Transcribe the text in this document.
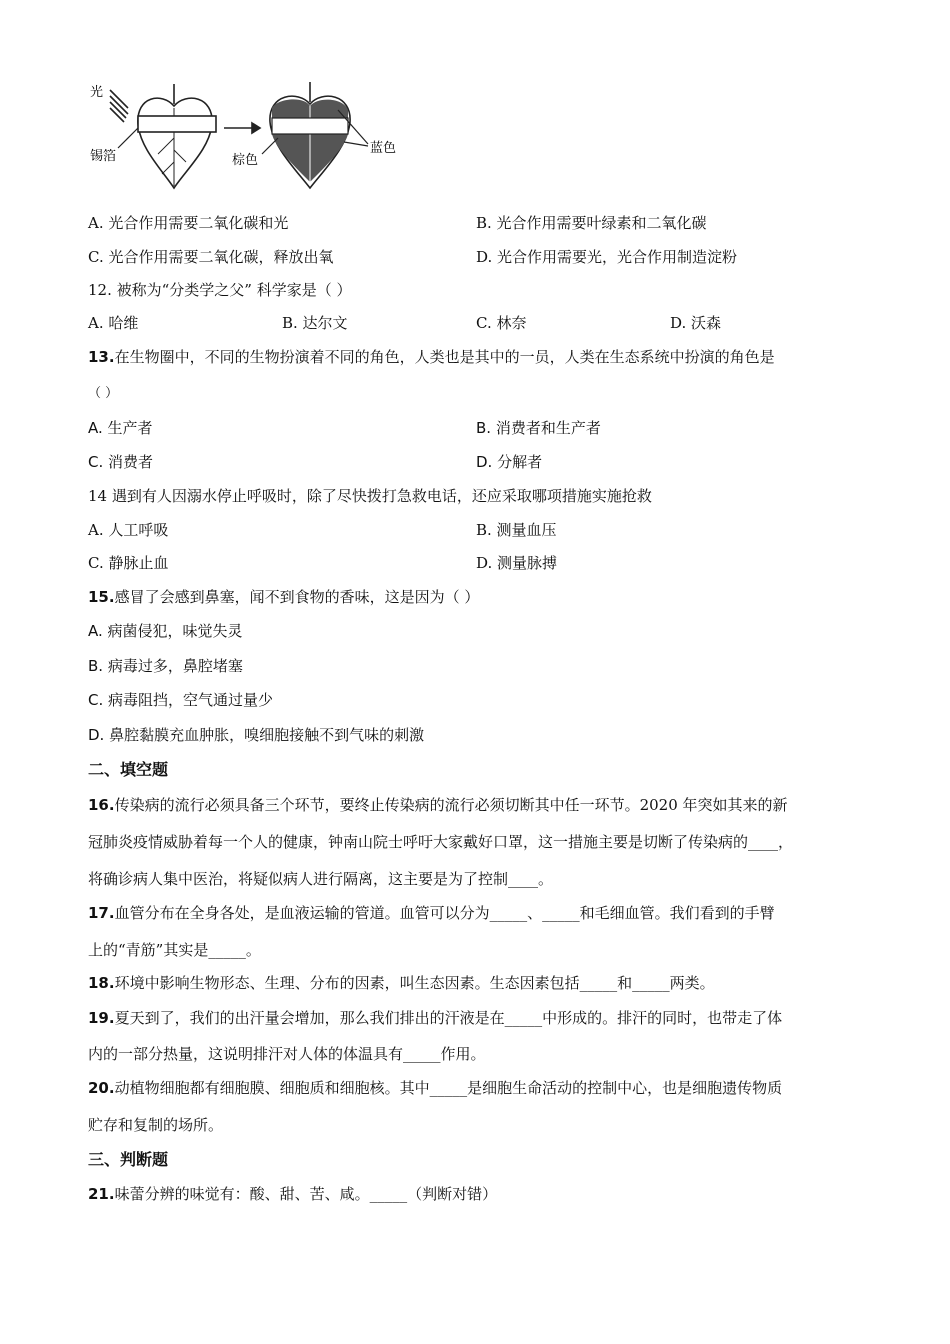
光
锡箔	棕色
蓝色
A. 光合作用需要二氧化碳和光	B. 光合作用需要叶绿素和二氧化碳
C. 光合作用需要二氧化碳，释放出氧	D. 光合作用需要光，光合作用制造淀粉
12. 被称为“分类学之父” 科学家是（ ）
A. 哈维	B. 达尔文	C. 林奈	D. 沃森
13.在生物圈中，不同的生物扮演着不同的角色，人类也是其中的一员，人类在生态系统中扮演的角色是
（ ）
A. 生产者	B. 消费者和生产者
C. 消费者	D. 分解者
14 遇到有人因溺水停止呼吸时，除了尽快拨打急救电话，还应采取哪项措施实施抢救
A. 人工呼吸	B. 测量血压
C. 静脉止血	D. 测量脉搏
15.感冒了会感到鼻塞，闻不到食物的香味，这是因为（ ）
A. 病菌侵犯，味觉失灵
B. 病毒过多，鼻腔堵塞
C. 病毒阻挡，空气通过量少
D. 鼻腔黏膜充血肿胀，嗅细胞接触不到气味的刺激
二、填空题
16.传染病的流行必须具备三个环节，要终止传染病的流行必须切断其中任一环节。2020 年突如其来的新
冠肺炎疫情威胁着每一个人的健康，钟南山院士呼吁大家戴好口罩，这一措施主要是切断了传染病的____，
将确诊病人集中医治，将疑似病人进行隔离，这主要是为了控制____。
17.血管分布在全身各处，是血液运输的管道。血管可以分为_____、_____和毛细血管。我们看到的手臂
上的“青筋”其实是_____。
18.环境中影响生物形态、生理、分布的因素，叫生态因素。生态因素包括_____和_____两类。
19.夏天到了，我们的出汗量会增加，那么我们排出的汗液是在_____中形成的。排汗的同时，也带走了体
内的一部分热量，这说明排汗对人体的体温具有_____作用。
20.动植物细胞都有细胞膜、细胞质和细胞核。其中_____是细胞生命活动的控制中心，也是细胞遗传物质
贮存和复制的场所。
三、判断题
21.味蕾分辨的味觉有：酸、甜、苦、咸。_____（判断对错）
